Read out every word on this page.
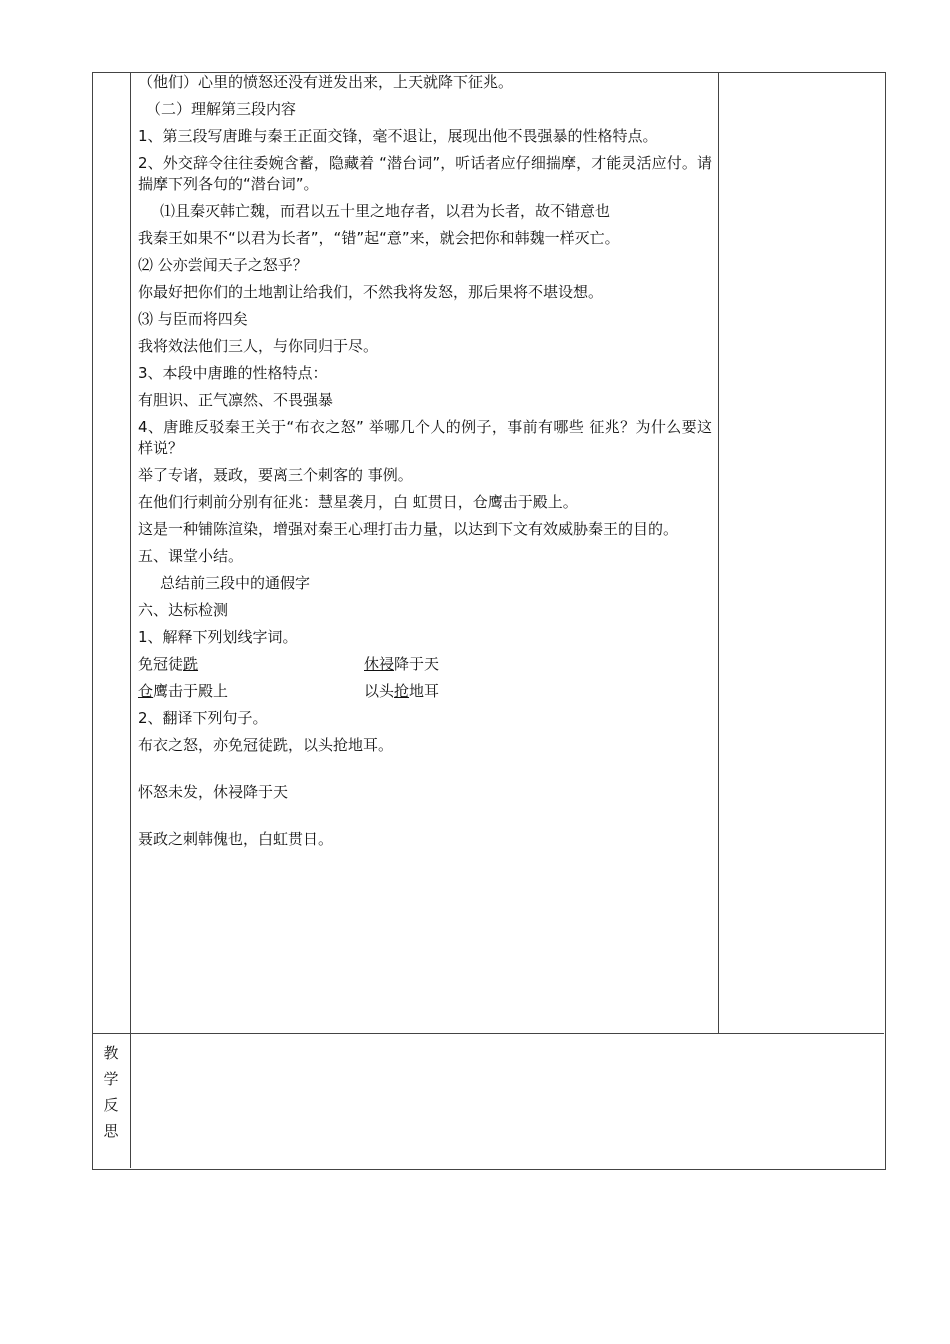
（他们）心里的愤怒还没有迸发出来，上天就降下征兆。
（二）理解第三段内容
1、第三段写唐雎与秦王正面交锋，毫不退让，展现出他不畏强暴的性格特点。
2、外交辞令往往委婉含蓄，隐藏着 “潜台词”，听话者应仔细揣摩，才能灵活应付。请揣摩下列各句的“潜台词”。
⑴且秦灭韩亡魏，而君以五十里之地存者，以君为长者，故不错意也
我秦王如果不“以君为长者”，“错”起“意”来，就会把你和韩魏一样灭亡。
⑵ 公亦尝闻天子之怒乎？
你最好把你们的土地割让给我们，不然我将发怒，那后果将不堪设想。
⑶ 与臣而将四矣
我将效法他们三人，与你同归于尽。
3、本段中唐雎的性格特点：
有胆识、正气凛然、不畏强暴
4、唐雎反驳秦王关于“布衣之怒” 举哪几个人的例子，事前有哪些 征兆？为什么要这样说？
举了专诸，聂政，要离三个刺客的 事例。
在他们行刺前分别有征兆：慧星袭月，白 虹贯日，仓鹰击于殿上。
这是一种铺陈渲染，增强对秦王心理打击力量，以达到下文有效威胁秦王的目的。
五、课堂小结。
总结前三段中的通假字
六、达标检测
1、解释下列划线字词。
免冠徒跣	休祲降于天
仓鹰击于殿上	以头抢地耳
2、翻译下列句子。
布衣之怒，亦免冠徒跣，以头抢地耳。
怀怒未发，休祲降于天
聂政之刺韩傀也，白虹贯日。
教
学
反
思
